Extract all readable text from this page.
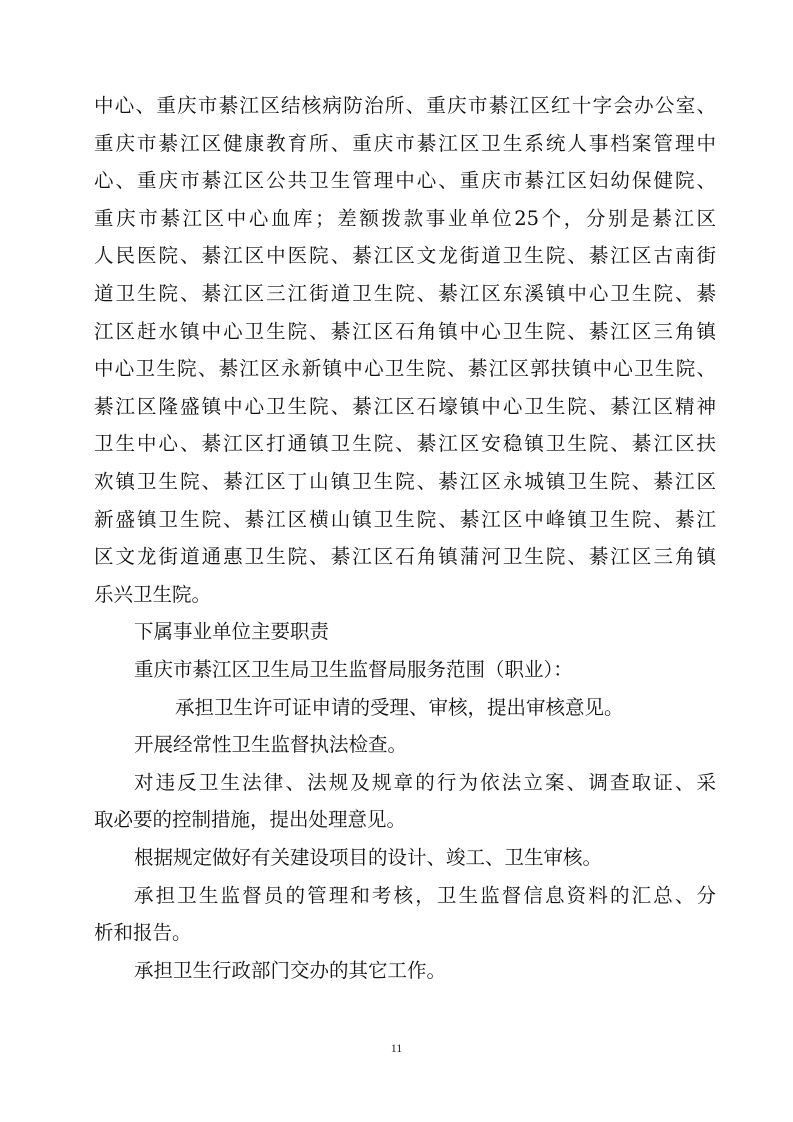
中心、重庆市綦江区结核病防治所、重庆市綦江区红十字会办公室、
重庆市綦江区健康教育所、重庆市綦江区卫生系统人事档案管理中
心、重庆市綦江区公共卫生管理中心、重庆市綦江区妇幼保健院、
重庆市綦江区中心血库；差额拨款事业单位25个，分别是綦江区
人民医院、綦江区中医院、綦江区文龙街道卫生院、綦江区古南街
道卫生院、綦江区三江街道卫生院、綦江区东溪镇中心卫生院、綦
江区赶水镇中心卫生院、綦江区石角镇中心卫生院、綦江区三角镇
中心卫生院、綦江区永新镇中心卫生院、綦江区郭扶镇中心卫生院、
綦江区隆盛镇中心卫生院、綦江区石壕镇中心卫生院、綦江区精神
卫生中心、綦江区打通镇卫生院、綦江区安稳镇卫生院、綦江区扶
欢镇卫生院、綦江区丁山镇卫生院、綦江区永城镇卫生院、綦江区
新盛镇卫生院、綦江区横山镇卫生院、綦江区中峰镇卫生院、綦江
区文龙街道通惠卫生院、綦江区石角镇蒲河卫生院、綦江区三角镇
乐兴卫生院。
下属事业单位主要职责
重庆市綦江区卫生局卫生监督局服务范围（职业）：
承担卫生许可证申请的受理、审核，提出审核意见。
开展经常性卫生监督执法检查。
对违反卫生法律、法规及规章的行为依法立案、调查取证、采
取必要的控制措施，提出处理意见。
根据规定做好有关建设项目的设计、竣工、卫生审核。
承担卫生监督员的管理和考核，卫生监督信息资料的汇总、分
析和报告。
承担卫生行政部门交办的其它工作。
11
